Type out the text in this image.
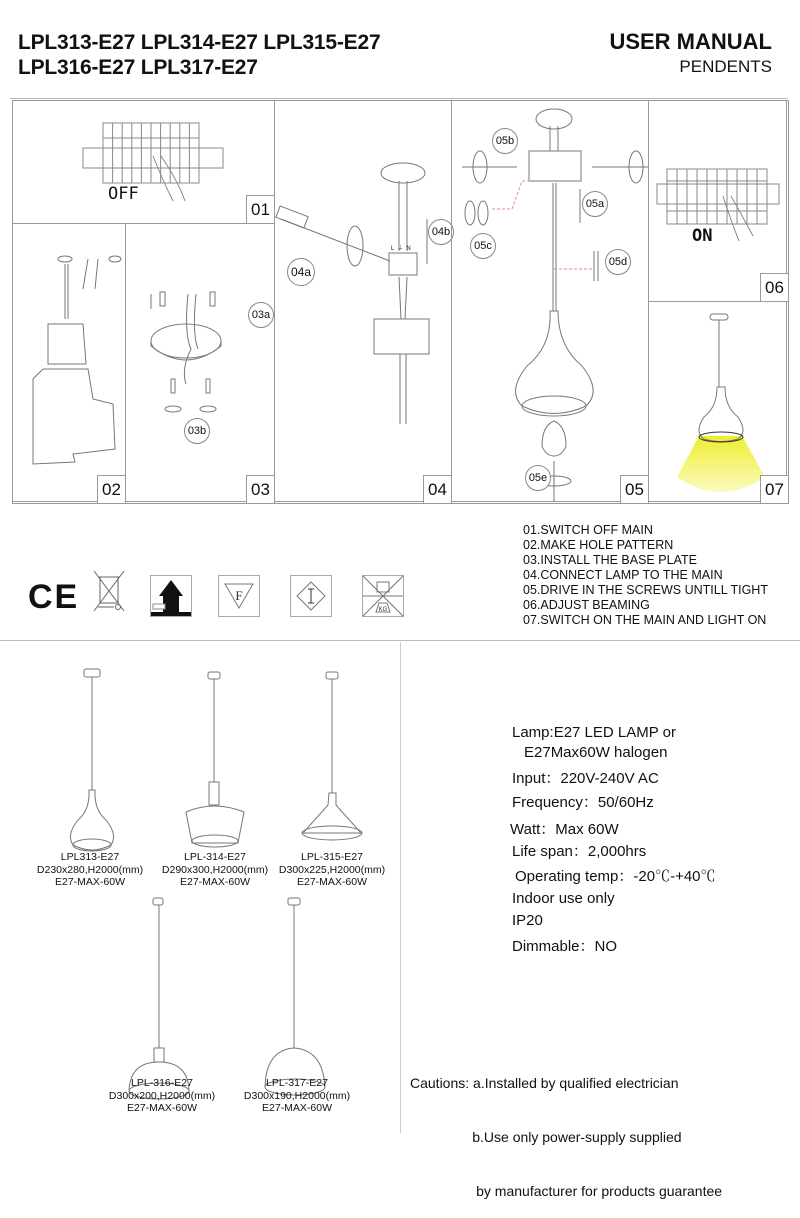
LPL313-E27 LPL314-E27 LPL315-E27
LPL316-E27 LPL317-E27
USER MANUAL
PENDENTS
OFF
01
02
03a
03b
03
L⏚N
04a
04b
04
05b
05a
05c
05d
05e
05
ON
06
07
01.SWITCH OFF MAIN
02.MAKE HOLE PATTERN
03.INSTALL THE BASE PLATE
04.CONNECT LAMP TO THE MAIN
05.DRIVE IN THE SCREWS UNTILL TIGHT
06.ADJUST BEAMING
07.SWITCH ON THE MAIN AND LIGHT ON
CE	F
KG
LPL313-E27
D230x280,H2000(mm)
E27-MAX-60W
LPL-314-E27
D290x300,H2000(mm)
E27-MAX-60W
LPL-315-E27
D300x225,H2000(mm)
E27-MAX-60W
LPL-316-E27
D300x200,H2000(mm)
E27-MAX-60W
LPL-317-E27
D300x190,H2000(mm)
E27-MAX-60W
Lamp:E27 LED LAMP or
E27Max60W halogen
Input：220V-240V AC
Frequency：50/60Hz
Watt：Max 60W
Life span：2,000hrs
Operating temp：-20℃-+40℃
Indoor use only
IP20
Dimmable：NO

Cautions: a.Installed by qualified electrician

b.Use only power-supply supplied

by manufacturer for products guarantee
